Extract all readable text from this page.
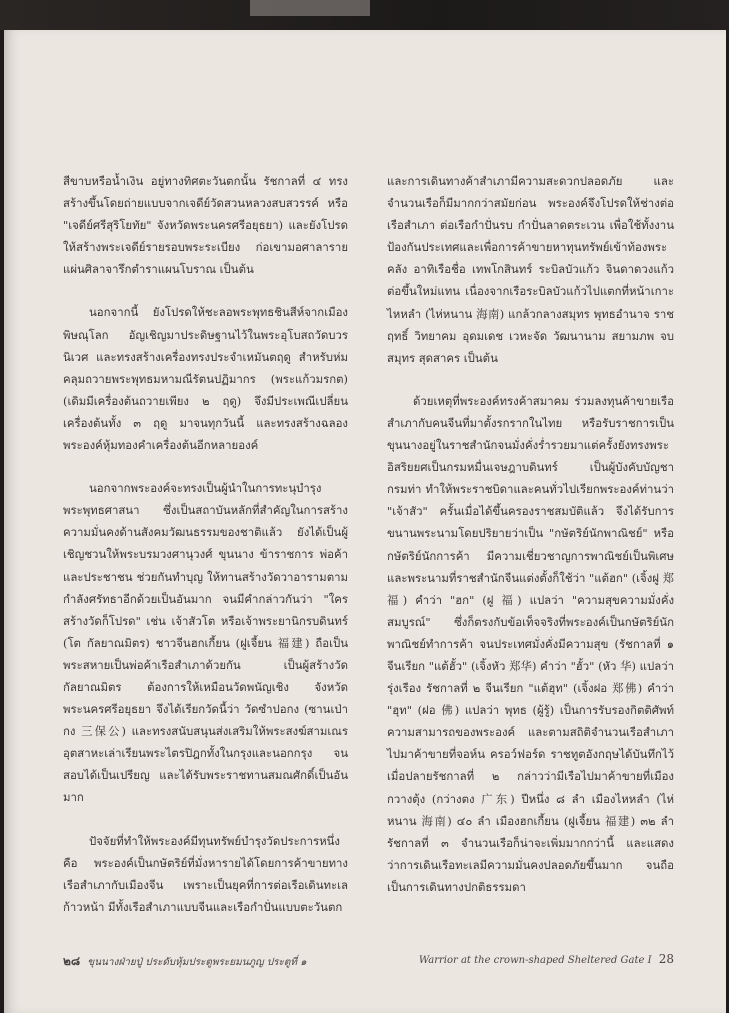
สีขาบหรือน้ำเงิน อยู่ทางทิศตะวันตกนั้น รัชกาลที่ ๔ ทรงสร้างขึ้นโดยถ่ายแบบจากเจดีย์วัดสวนหลวงสบสวรรค์ หรือ "เจดีย์ศรีสุริโยทัย" จังหวัดพระนครศรีอยุธยา) และยังโปรดให้สร้างพระเจดีย์รายรอบพระระเบียง ก่อเขามอศาลาราย แผ่นศิลาจารึกตำราแผนโบราณ เป็นต้น

นอกจากนี้ ยังโปรดให้ชะลอพระพุทธชินสีห์จากเมืองพิษณุโลก อัญเชิญมาประดิษฐานไว้ในพระอุโบสถวัดบวรนิเวศ และทรงสร้างเครื่องทรงประจำเหมันตฤดู สำหรับห่มคลุมถวายพระพุทธมหามณีรัตนปฏิมากร (พระแก้วมรกต) (เดิมมีเครื่องต้นถวายเพียง ๒ ฤดู) จึงมีประเพณีเปลี่ยนเครื่องต้นทั้ง ๓ ฤดู มาจนทุกวันนี้ และทรงสร้างฉลองพระองค์หุ้มทองคำเครื่องต้นอีกหลายองค์

นอกจากพระองค์จะทรงเป็นผู้นำในการทะนุบำรุงพระพุทธศาสนา ซึ่งเป็นสถาบันหลักที่สำคัญในการสร้างความมั่นคงด้านสังคมวัฒนธรรมของชาติแล้ว ยังได้เป็นผู้เชิญชวนให้พระบรมวงศานุวงศ์ ขุนนาง ข้าราชการ พ่อค้าและประชาชน ช่วยกันทำบุญ ให้ทานสร้างวัดวาอารามตามกำลังศรัทธาอีกด้วยเป็นอันมาก จนมีคำกล่าวกันว่า "ใครสร้างวัดก็โปรด" เช่น เจ้าสัวโต หรือเจ้าพระยานิกรบดินทร์ (โต กัลยาณมิตร) ชาวจีนฮกเกี้ยน (ฝูเจี้ยน 福建) ถือเป็นพระสหายเป็นพ่อค้าเรือสำเภาด้วยกัน เป็นผู้สร้างวัดกัลยาณมิตร ต้องการให้เหมือนวัดพนัญเชิง จังหวัดพระนครศรีอยุธยา จึงได้เรียกวัดนี้ว่า วัดซำปอกง (ซานเป่ากง 三保公) และทรงสนับสนุนส่งเสริมให้พระสงฆ์สามเณรอุตสาหะเล่าเรียนพระไตรปิฎกทั้งในกรุงและนอกกรุง จนสอบได้เป็นเปรียญ และได้รับพระราชทานสมณศักดิ์เป็นอันมาก

ปัจจัยที่ทำให้พระองค์มีทุนทรัพย์บำรุงวัดประการหนึ่ง คือ พระองค์เป็นกษัตริย์ที่มั่งหารายได้โดยการค้าขายทางเรือสำเภากับเมืองจีน เพราะเป็นยุคที่การต่อเรือเดินทะเลก้าวหน้า มีทั้งเรือสำเภาแบบจีนและเรือกำปั่นแบบตะวันตก

และการเดินทางค้าสำเภามีความสะดวกปลอดภัย และจำนวนเรือก็มีมากกว่าสมัยก่อน พระองค์จึงโปรดให้ช่างต่อเรือสำเภา ต่อเรือกำปั่นรบ กำปั่นลาดตระเวน เพื่อใช้ทั้งงานป้องกันประเทศและเพื่อการค้าขายหาทุนทรัพย์เข้าท้องพระคลัง อาทิเรือชื่อ เทพโกสินทร์ ระบิลบัวแก้ว จินดาดวงแก้ว ต่อขึ้นใหม่แทน เนื่องจากเรือระบิลบัวแก้วไปแตกที่หน้าเกาะไหหลำ (ไห่หนาน 海南) แกล้วกลางสมุทร พุทธอำนาจ ราชฤทธิ์ วิทยาคม อุดมเดช เวหะจัด วัฒนานาม สยามภพ จบสมุทร สุดสาคร เป็นต้น

ด้วยเหตุที่พระองค์ทรงค้าสมาคม ร่วมลงทุนค้าขายเรือสำเภากับคนจีนที่มาตั้งรกรากในไทย หรือรับราชการเป็นขุนนางอยู่ในราชสำนักจนมั่งคั่งร่ำรวยมาแต่ครั้งยังทรงพระอิสริยยศเป็นกรมหมื่นเจษฎาบดินทร์ เป็นผู้บังคับบัญชากรมท่า ทำให้พระราชบิดาและคนทั่วไปเรียกพระองค์ท่านว่า "เจ้าสัว" ครั้นเมื่อได้ขึ้นครองราชสมบัติแล้ว จึงได้รับการขนานพระนามโดยปริยายว่าเป็น "กษัตริย์นักพาณิชย์" หรือกษัตริย์นักการค้า มีความเชี่ยวชาญการพาณิชย์เป็นพิเศษ และพระนามที่ราชสำนักจีนแต่งตั้งก็ใช้ว่า "แต้ฮก" (เจิ้งฝู 郑福) คำว่า "ฮก" (ฝู 福) แปลว่า "ความสุขความมั่งคั่งสมบูรณ์" ซึ่งก็ตรงกับข้อเท็จจริงที่พระองค์เป็นกษัตริย์นักพาณิชย์ทำการค้า จนประเทศมั่งคั่งมีความสุข (รัชกาลที่ ๑ จีนเรียก "แต้ฮั้ว" (เจิ้งหัว 郑华) คำว่า "ฮั้ว" (หัว 华) แปลว่า รุ่งเรือง รัชกาลที่ ๒ จีนเรียก "แต้ฮุท" (เจิ้งฝอ 郑佛) คำว่า "ฮุท" (ฝอ 佛) แปลว่า พุทธ (ผู้รู้) เป็นการรับรองกิตติศัพท์ความสามารถของพระองค์ และตามสถิติจำนวนเรือสำเภาไปมาค้าขายที่จอห์น ครอว์ฟอร์ด ราชทูตอังกฤษได้บันทึกไว้เมื่อปลายรัชกาลที่ ๒ กล่าวว่ามีเรือไปมาค้าขายที่เมืองกวางตุ้ง (กว่างตง 广东) ปีหนึ่ง ๘ ลำ เมืองไหหลำ (ไห่หนาน 海南) ๔๐ ลำ เมืองฮกเกี้ยน (ฝูเจี้ยน 福建) ๓๒ ลำ รัชกาลที่ ๓ จำนวนเรือก็น่าจะเพิ่มมากกว่านี้ และแสดงว่าการเดินเรือทะเลมีความมั่นคงปลอดภัยขึ้นมาก จนถือเป็นการเดินทางปกติธรรมดา

๒๘ ขุนนางฝ่ายปู่ ประดับหุ้มประตูพระยมนภูญ ประตูที่ ๑	Warrior at the crown-shaped Sheltered Gate I 28
